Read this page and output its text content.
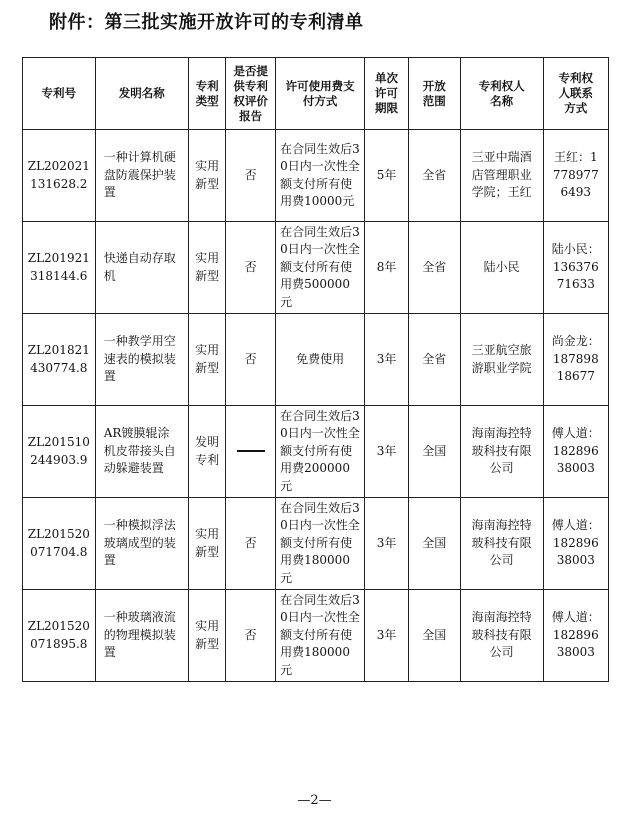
附件：第三批实施开放许可的专利清单
专利号	发明名称	专利类型	是否提供专利权评价报告	许可使用费支付方式	单次许可期限	开放范围	专利权人名称	专利权人联系方式

ZL202021131628.2	一种计算机硬盘防震保护装置	实用新型	否	在合同生效后30日内一次性全额支付所有使用费10000元	5年	全省	三亚中瑞酒店管理职业学院；王红	王红：17789776493

ZL201921318144.6	快递自动存取机	实用新型	否	在合同生效后30日内一次性全额支付所有使用费500000元	8年	全省	陆小民	陆小民：13637671633

ZL201821430774.8	一种教学用空速表的模拟装置	实用新型	否	免费使用	3年	全省	三亚航空旅游职业学院	尚金龙：18789818677

ZL201510244903.9	AR镀膜辊涂机皮带接头自动躲避装置	发明专利		在合同生效后30日内一次性全额支付所有使用费200000元	3年	全国	海南海控特玻科技有限公司	傅人道：18289638003

ZL201520071704.8	一种模拟浮法玻璃成型的装置	实用新型	否	在合同生效后30日内一次性全额支付所有使用费180000元	3年	全国	海南海控特玻科技有限公司	傅人道：18289638003

ZL201520071895.8	一种玻璃液流的物理模拟装置	实用新型	否	在合同生效后30日内一次性全额支付所有使用费180000元	3年	全国	海南海控特玻科技有限公司	傅人道：18289638003
—2—
